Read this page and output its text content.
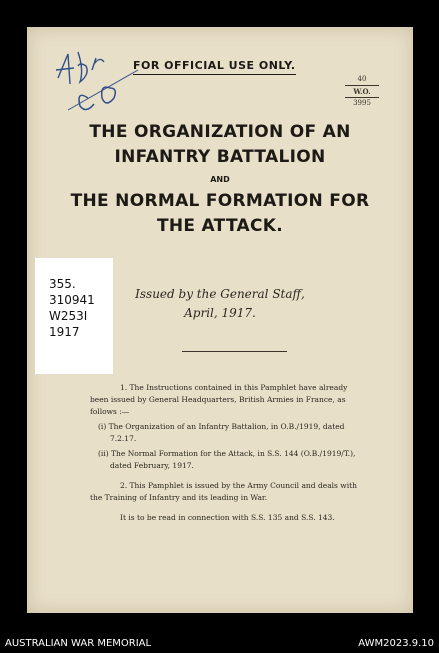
FOR OFFICIAL USE ONLY.
40
W.O.
3995
THE ORGANIZATION OF AN
INFANTRY BATTALION
AND
THE NORMAL FORMATION FOR
THE ATTACK.
Issued by the General Staff,
April, 1917.
355.
310941
W253I
1917

1. The Instructions contained in this Pamphlet have already been issued by General Headquarters, British Armies in France, as follows :—

(i) The Organization of an Infantry Battalion, in O.B./1919, dated 7.2.17.

(ii) The Normal Formation for the Attack, in S.S. 144 (O.B./1919/T.), dated February, 1917.

2. This Pamphlet is issued by the Army Council and deals with the Training of Infantry and its leading in War.

It is to be read in connection with S.S. 135 and S.S. 143.

AUSTRALIAN WAR MEMORIAL	AWM2023.9.10
